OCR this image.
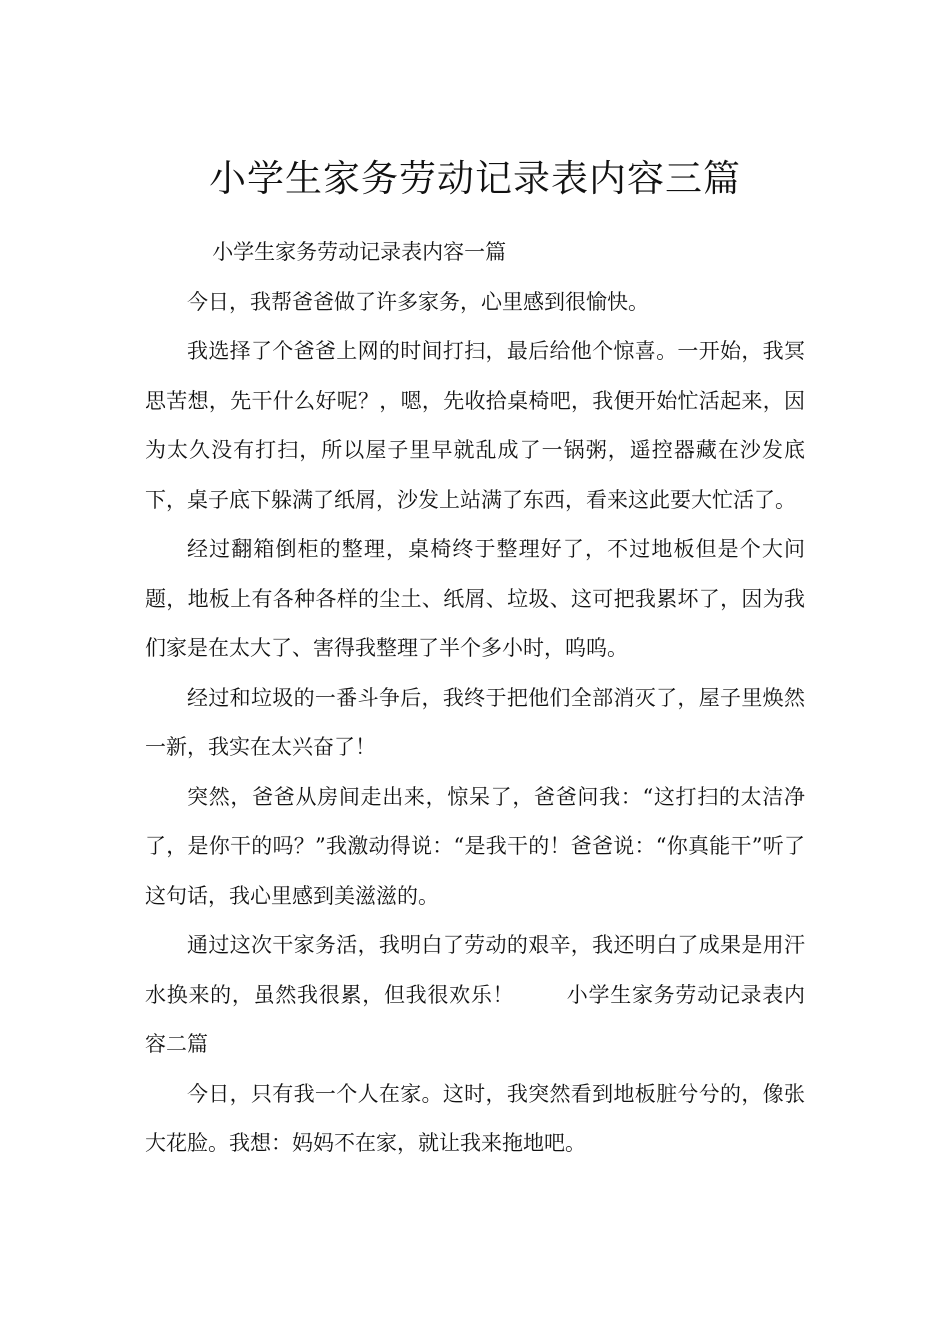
小学生家务劳动记录表内容三篇

小学生家务劳动记录表内容一篇

今日，我帮爸爸做了许多家务，心里感到很愉快。

我选择了个爸爸上网的时间打扫，最后给他个惊喜。一开始，我冥思苦想，先干什么好呢？，嗯，先收拾桌椅吧，我便开始忙活起来，因为太久没有打扫，所以屋子里早就乱成了一锅粥，遥控器藏在沙发底下，桌子底下躲满了纸屑，沙发上站满了东西，看来这此要大忙活了。

经过翻箱倒柜的整理，桌椅终于整理好了，不过地板但是个大问题，地板上有各种各样的尘土、纸屑、垃圾、这可把我累坏了，因为我们家是在太大了、害得我整理了半个多小时，呜呜。

经过和垃圾的一番斗争后，我终于把他们全部消灭了，屋子里焕然一新，我实在太兴奋了！

突然，爸爸从房间走出来，惊呆了，爸爸问我：“这打扫的太洁净了，是你干的吗？”我激动得说：“是我干的！爸爸说：“你真能干”听了这句话，我心里感到美滋滋的。

通过这次干家务活，我明白了劳动的艰辛，我还明白了成果是用汗水换来的，虽然我很累，但我很欢乐！	小学生家务劳动记录表内容二篇

今日，只有我一个人在家。这时，我突然看到地板脏兮兮的，像张大花脸。我想：妈妈不在家，就让我来拖地吧。
